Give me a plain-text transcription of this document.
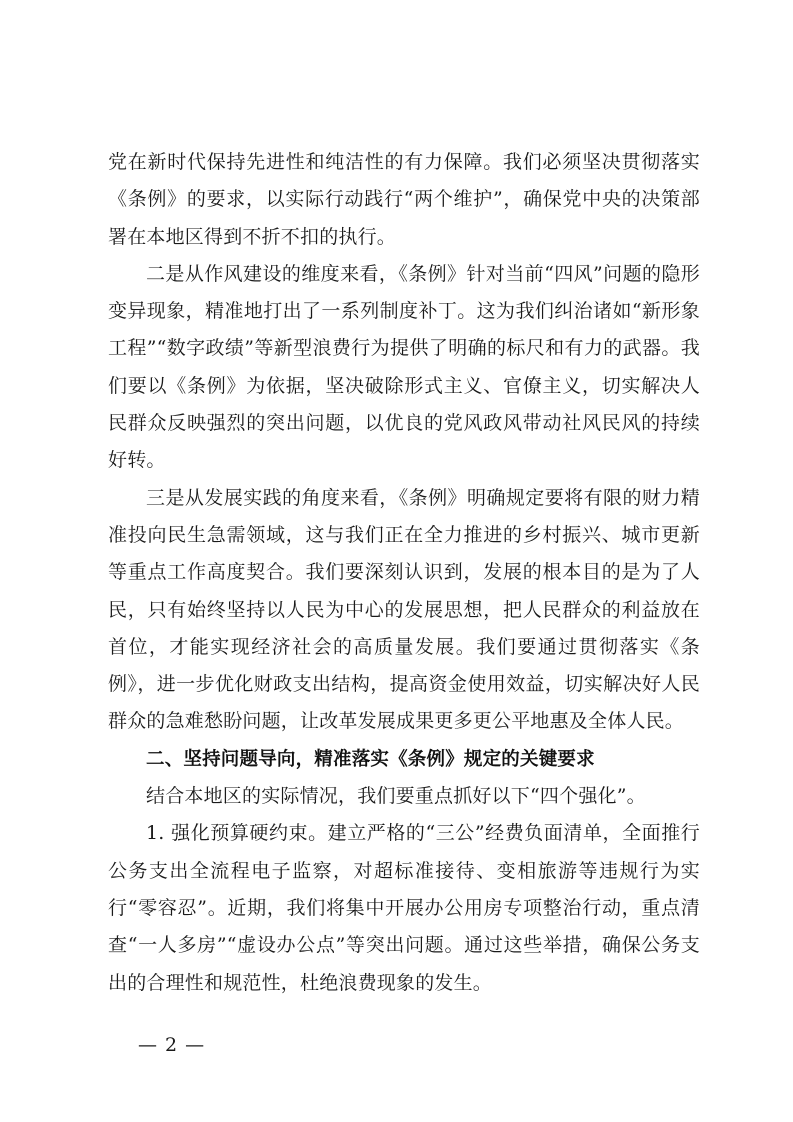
党在新时代保持先进性和纯洁性的有力保障。我们必须坚决贯彻落实《条例》的要求，以实际行动践行“两个维护”，确保党中央的决策部署在本地区得到不折不扣的执行。

二是从作风建设的维度来看，《条例》针对当前“四风”问题的隐形变异现象，精准地打出了一系列制度补丁。这为我们纠治诸如“新形象工程”“数字政绩”等新型浪费行为提供了明确的标尺和有力的武器。我们要以《条例》为依据，坚决破除形式主义、官僚主义，切实解决人民群众反映强烈的突出问题，以优良的党风政风带动社风民风的持续好转。

三是从发展实践的角度来看，《条例》明确规定要将有限的财力精准投向民生急需领域，这与我们正在全力推进的乡村振兴、城市更新等重点工作高度契合。我们要深刻认识到，发展的根本目的是为了人民，只有始终坚持以人民为中心的发展思想，把人民群众的利益放在首位，才能实现经济社会的高质量发展。我们要通过贯彻落实《条例》，进一步优化财政支出结构，提高资金使用效益，切实解决好人民群众的急难愁盼问题，让改革发展成果更多更公平地惠及全体人民。

二、坚持问题导向，精准落实《条例》规定的关键要求

结合本地区的实际情况，我们要重点抓好以下“四个强化”。

1. 强化预算硬约束。建立严格的“三公”经费负面清单，全面推行公务支出全流程电子监察，对超标准接待、变相旅游等违规行为实行“零容忍”。近期，我们将集中开展办公用房专项整治行动，重点清查“一人多房”“虚设办公点”等突出问题。通过这些举措，确保公务支出的合理性和规范性，杜绝浪费现象的发生。

— 2 —
